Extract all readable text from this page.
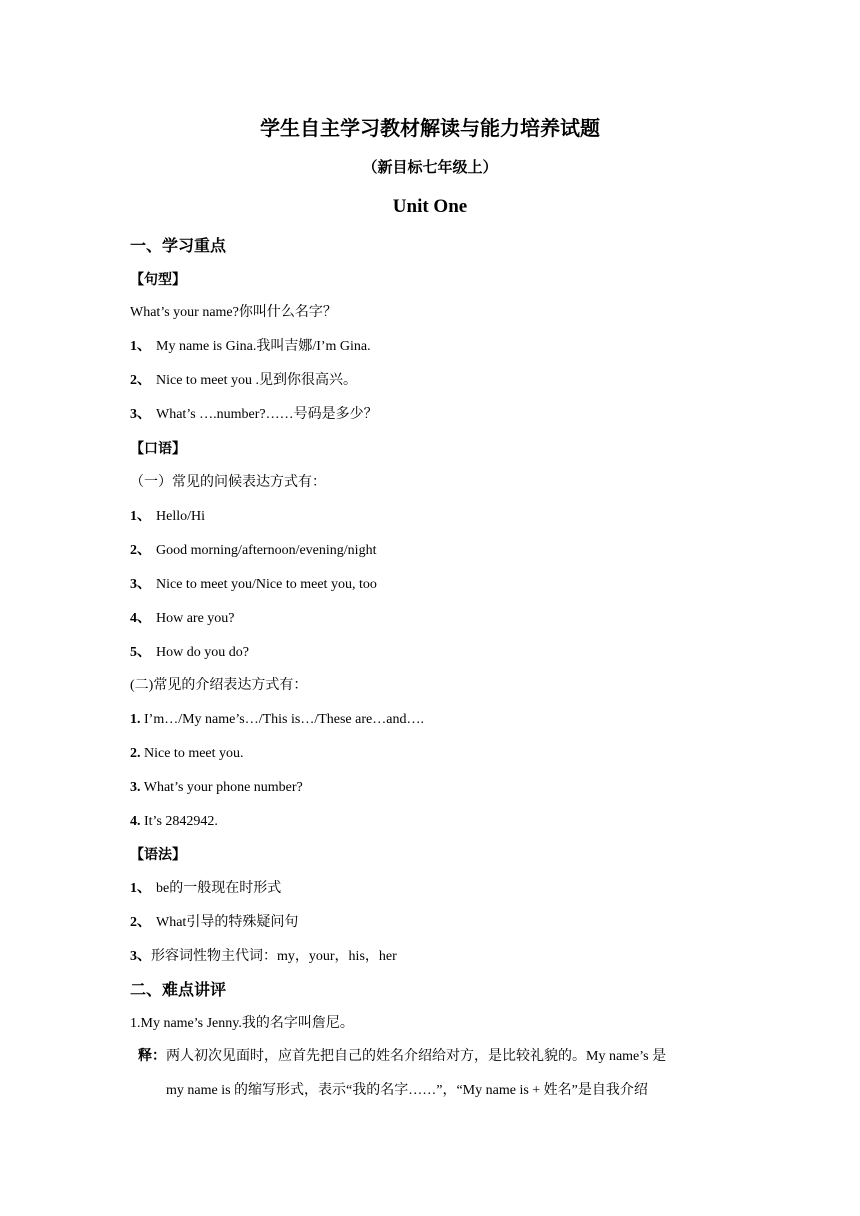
学生自主学习教材解读与能力培养试题
（新目标七年级上）
Unit One
一、学习重点
【句型】
What’s your name?你叫什么名字？
1、 My name is Gina.我叫吉娜/I’m Gina.
2、 Nice to meet you .见到你很高兴。
3、 What’s ….number?……号码是多少？
【口语】
（一）常见的问候表达方式有：
1、 Hello/Hi
2、 Good morning/afternoon/evening/night
3、 Nice to meet you/Nice to meet you, too
4、 How are you?
5、 How do you do?
(二)常见的介绍表达方式有：
1. I’m…/My name’s…/This is…/These are…and….
2. Nice to meet you.
3. What’s your phone number?
4. It’s 2842942.
【语法】
1、 be的一般现在时形式
2、 What引导的特殊疑问句
3、形容词性物主代词：my，your，his，her
二、难点讲评
1.My name’s Jenny.我的名字叫詹尼。
释：两人初次见面时，应首先把自己的姓名介绍给对方，是比较礼貌的。My name’s 是
my name is 的缩写形式，表示“我的名字……”，“My name is + 姓名”是自我介绍
